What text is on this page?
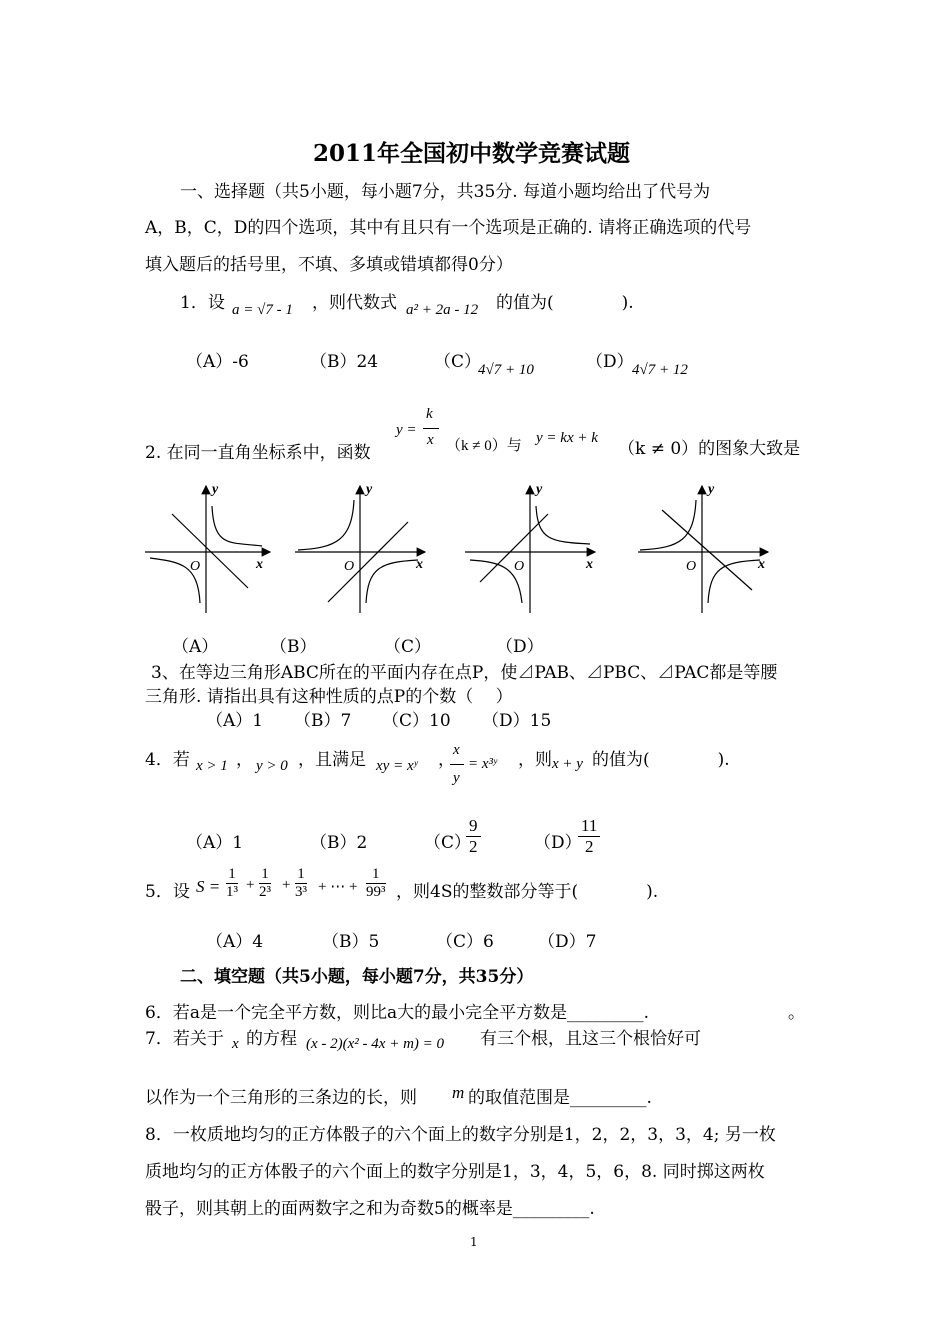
2011年全国初中数学竞赛试题
一、选择题（共5小题，每小题7分，共35分. 每道小题均给出了代号为
A，B，C，D的四个选项，其中有且只有一个选项是正确的. 请将正确选项的代号
填入题后的括号里，不填、多填或错填都得0分）
1．设 a = √7 - 1 ，则代数式 a² + 2a - 12 的值为(　　　　).
（A）-6	（B）24	（C）
4√7 + 10	（D）
4√7 + 12
2. 在同一直角坐标系中，函数
y =
k
x （k ≠ 0）与 y = kx + k
（k ≠ 0）的图象大致是
y
x
O
y
x
O
y
x
O
y
x
O
（A）	（B）	（C）	（D）
3、在等边三角形ABC所在的平面内存在点P，使⊿PAB、⊿PBC、⊿PAC都是等腰
三角形. 请指出具有这种性质的点P的个数（　 ）
（A）1 （B）7 （C）10 （D）15
4．若 x > 1 ， y > 0 ，且满足 xy = xʸ ，
x
y
= x³ʸ ，则 x + y 的值为(　　　　).
（A）1	（B）2	（C）
$\frac{9}{2}$	（D）
$\frac{11}{2}$
5．设 $S = \frac{1}{\text{1³}} + \frac{1}{\text{2³}} + \frac{1}{\text{3³}}$ + ⋯ + $\frac{1}{\text{99³}}$ ，则4S的整数部分等于(　　　　).
（A）4	（B）5	（C）6	（D）7
二、填空题（共5小题，每小题7分，共35分）
6．若a是一个完全平方数，则比a大的最小完全平方数是_________.	。
7．若关于 x 的方程 (x - 2)(x² - 4x + m) = 0 有三个根，且这三个根恰好可
以作为一个三角形的三条边的长，则 m 的取值范围是_________.
8．一枚质地均匀的正方体骰子的六个面上的数字分别是1，2，2，3，3，4; 另一枚
质地均匀的正方体骰子的六个面上的数字分别是1，3，4，5，6，8. 同时掷这两枚
骰子，则其朝上的面两数字之和为奇数5的概率是_________.
1
